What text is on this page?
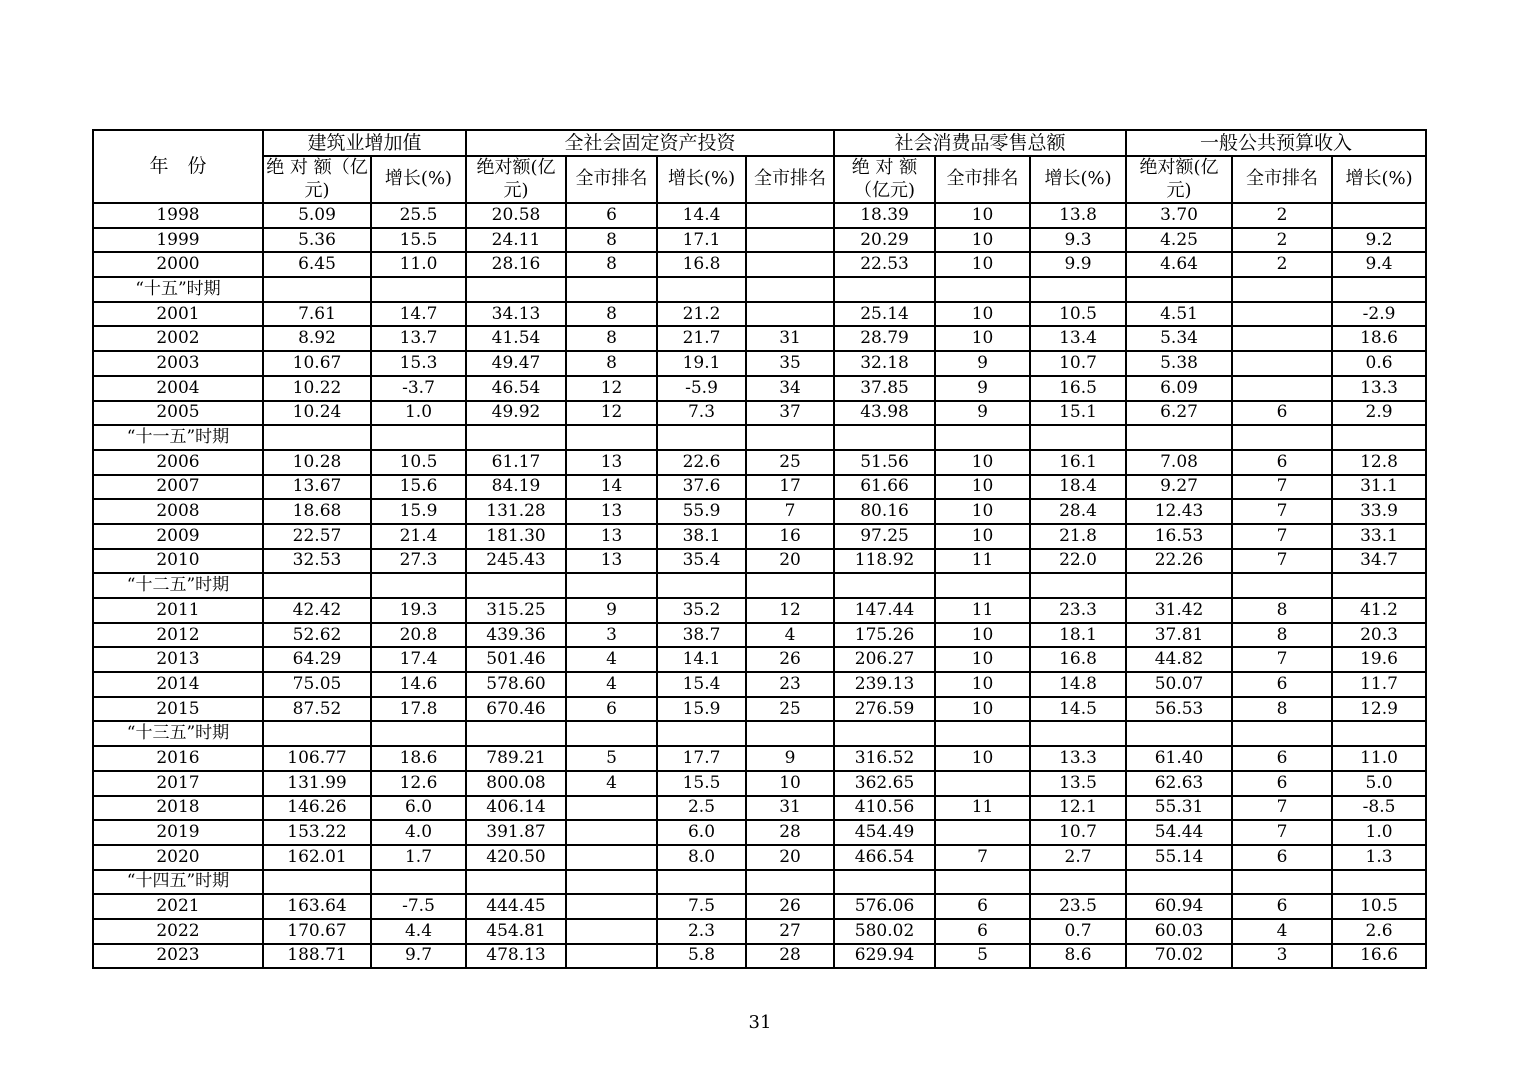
年　份	建筑业增加值		全社会固定资产投资				社会消费品零售总额			一般公共预算收入		
	绝 对 额（亿元)	增长(%)	绝对额(亿元)	全市排名	增长(%)	全市排名	绝 对 额（亿元)	全市排名	增长(%)	绝对额(亿元)	全市排名	增长(%)
1998	5.09	25.5	20.58	6	14.4		18.39	10	13.8	3.70	2	
1999	5.36	15.5	24.11	8	17.1		20.29	10	9.3	4.25	2	9.2
2000	6.45	11.0	28.16	8	16.8		22.53	10	9.9	4.64	2	9.4
“十五”时期												
2001	7.61	14.7	34.13	8	21.2		25.14	10	10.5	4.51		-2.9
2002	8.92	13.7	41.54	8	21.7	31	28.79	10	13.4	5.34		18.6
2003	10.67	15.3	49.47	8	19.1	35	32.18	9	10.7	5.38		0.6
2004	10.22	-3.7	46.54	12	-5.9	34	37.85	9	16.5	6.09		13.3
2005	10.24	1.0	49.92	12	7.3	37	43.98	9	15.1	6.27	6	2.9
“十一五”时期												
2006	10.28	10.5	61.17	13	22.6	25	51.56	10	16.1	7.08	6	12.8
2007	13.67	15.6	84.19	14	37.6	17	61.66	10	18.4	9.27	7	31.1
2008	18.68	15.9	131.28	13	55.9	7	80.16	10	28.4	12.43	7	33.9
2009	22.57	21.4	181.30	13	38.1	16	97.25	10	21.8	16.53	7	33.1
2010	32.53	27.3	245.43	13	35.4	20	118.92	11	22.0	22.26	7	34.7
“十二五”时期												
2011	42.42	19.3	315.25	9	35.2	12	147.44	11	23.3	31.42	8	41.2
2012	52.62	20.8	439.36	3	38.7	4	175.26	10	18.1	37.81	8	20.3
2013	64.29	17.4	501.46	4	14.1	26	206.27	10	16.8	44.82	7	19.6
2014	75.05	14.6	578.60	4	15.4	23	239.13	10	14.8	50.07	6	11.7
2015	87.52	17.8	670.46	6	15.9	25	276.59	10	14.5	56.53	8	12.9
“十三五”时期												
2016	106.77	18.6	789.21	5	17.7	9	316.52	10	13.3	61.40	6	11.0
2017	131.99	12.6	800.08	4	15.5	10	362.65		13.5	62.63	6	5.0
2018	146.26	6.0	406.14		2.5	31	410.56	11	12.1	55.31	7	-8.5
2019	153.22	4.0	391.87		6.0	28	454.49		10.7	54.44	7	1.0
2020	162.01	1.7	420.50		8.0	20	466.54	7	2.7	55.14	6	1.3
“十四五”时期												
2021	163.64	-7.5	444.45		7.5	26	576.06	6	23.5	60.94	6	10.5
2022	170.67	4.4	454.81		2.3	27	580.02	6	0.7	60.03	4	2.6
2023	188.71	9.7	478.13		5.8	28	629.94	5	8.6	70.02	3	16.6
31
